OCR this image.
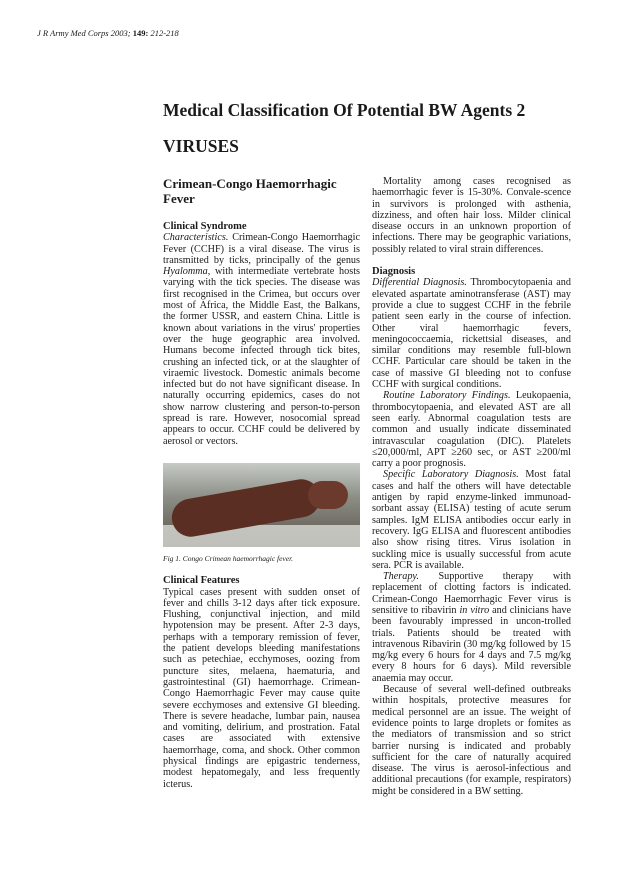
J R Army Med Corps 2003; 149: 212-218
Medical Classification Of Potential BW Agents 2
VIRUSES

Crimean-Congo Haemorrhagic Fever

Clinical Syndrome

Characteristics. Crimean-Congo Haemorrhagic Fever (CCHF) is a viral disease. The virus is transmitted by ticks, principally of the genus Hyalomma, with intermediate vertebrate hosts varying with the tick species. The disease was first recognised in the Crimea, but occurs over most of Africa, the Middle East, the Balkans, the former USSR, and eastern China. Little is known about variations in the virus' properties over the huge geographic area involved. Humans become infected through tick bites, crushing an infected tick, or at the slaughter of viraemic livestock. Domestic animals become infected but do not have significant disease. In naturally occurring epidemics, cases do not show narrow clustering and person-to-person spread is rare. However, nosocomial spread appears to occur. CCHF could be delivered by aerosol or vectors.

Fig 1. Congo Crimean haemorrhagic fever.

Clinical Features

Typical cases present with sudden onset of fever and chills 3-12 days after tick exposure. Flushing, conjunctival injection, and mild hypotension may be present. After 2-3 days, perhaps with a temporary remission of fever, the patient develops bleeding manifestations such as petechiae, ecchymoses, oozing from puncture sites, melaena, haematuria, and gastrointestinal (GI) haemorrhage. Crimean-Congo Haemorrhagic Fever may cause quite severe ecchymoses and extensive GI bleeding. There is severe headache, lumbar pain, nausea and vomiting, delirium, and prostration. Fatal cases are associated with extensive haemorrhage, coma, and shock. Other common physical findings are epigastric tenderness, modest hepatomegaly, and less frequently icterus.

Mortality among cases recognised as haemorrhagic fever is 15-30%. Convale-scence in survivors is prolonged with asthenia, dizziness, and often hair loss. Milder clinical disease occurs in an unknown proportion of infections. There may be geographic variations, possibly related to viral strain differences.

Diagnosis

Differential Diagnosis. Thrombocytopaenia and elevated aspartate aminotransferase (AST) may provide a clue to suggest CCHF in the febrile patient seen early in the course of infection. Other viral haemorrhagic fevers, meningococcaemia, rickettsial diseases, and similar conditions may resemble full-blown CCHF. Particular care should be taken in the case of massive GI bleeding not to confuse CCHF with surgical conditions.

Routine Laboratory Findings. Leukopaenia, thrombocytopaenia, and elevated AST are all seen early. Abnormal coagulation tests are common and usually indicate disseminated intravascular coagulation (DIC). Platelets ≤20,000/ml, APT ≥260 sec, or AST ≥200/ml carry a poor prognosis.

Specific Laboratory Diagnosis. Most fatal cases and half the others will have detectable antigen by rapid enzyme-linked immunoad-sorbant assay (ELISA) testing of acute serum samples. IgM ELISA antibodies occur early in recovery. IgG ELISA and fluorescent antibodies also show rising titres. Virus isolation in suckling mice is usually successful from acute sera. PCR is available.

Therapy. Supportive therapy with replacement of clotting factors is indicated. Crimean-Congo Haemorrhagic Fever virus is sensitive to ribavirin in vitro and clinicians have been favourably impressed in uncon-trolled trials. Patients should be treated with intravenous Ribavirin (30 mg/kg followed by 15 mg/kg every 6 hours for 4 days and 7.5 mg/kg every 8 hours for 6 days). Mild reversible anaemia may occur.

Because of several well-defined outbreaks within hospitals, protective measures for medical personnel are an issue. The weight of evidence points to large droplets or fomites as the mediators of transmission and so strict barrier nursing is indicated and probably sufficient for the care of naturally acquired disease. The virus is aerosol-infectious and additional precautions (for example, respirators) might be considered in a BW setting.
